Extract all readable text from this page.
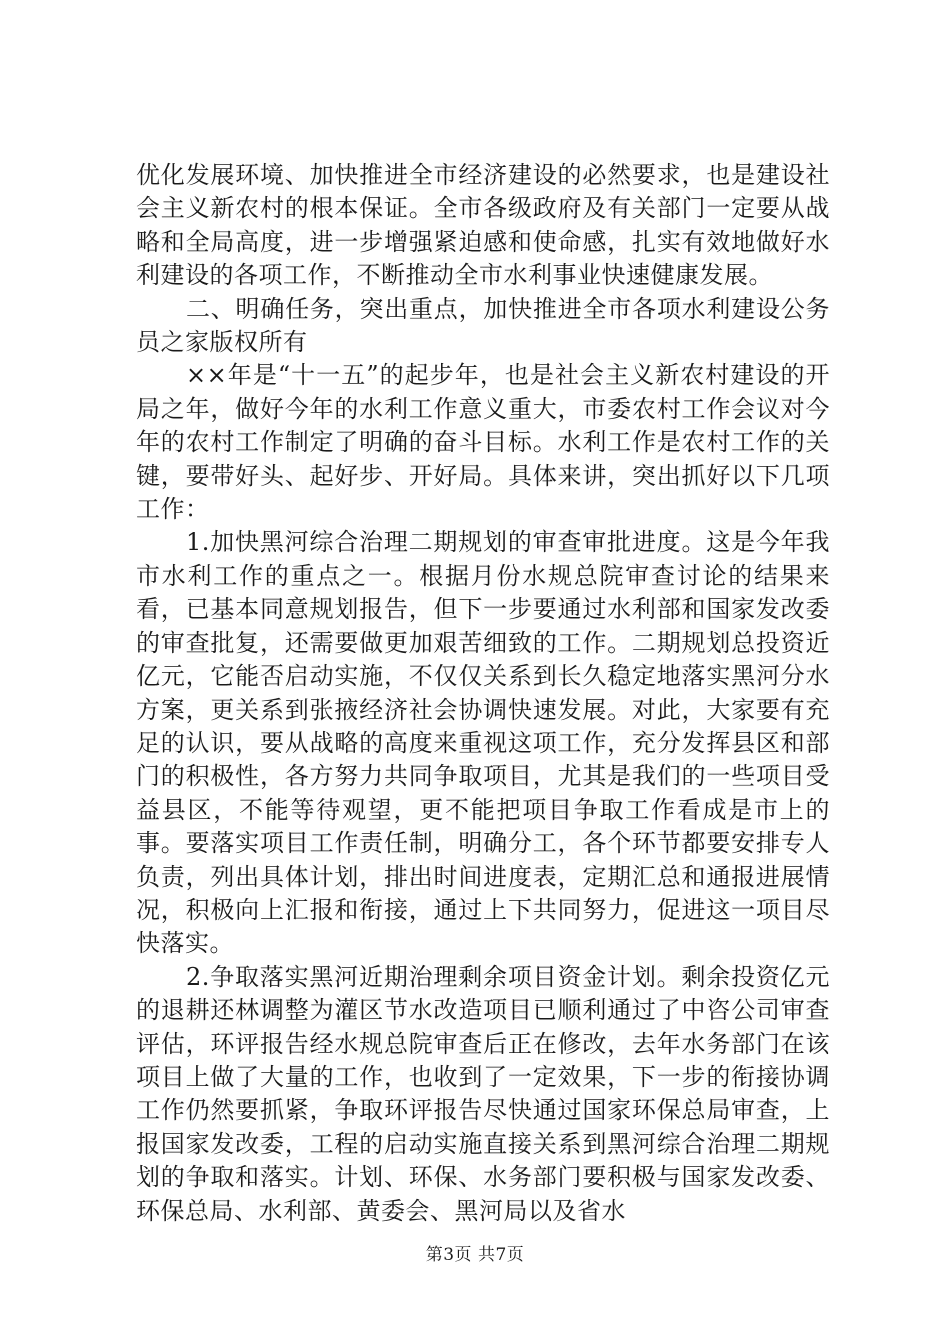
优化发展环境、加快推进全市经济建设的必然要求，也是建设社会主义新农村的根本保证。全市各级政府及有关部门一定要从战略和全局高度，进一步增强紧迫感和使命感，扎实有效地做好水利建设的各项工作，不断推动全市水利事业快速健康发展。

二、明确任务，突出重点，加快推进全市各项水利建设公务员之家版权所有

××年是“十一五”的起步年，也是社会主义新农村建设的开局之年，做好今年的水利工作意义重大，市委农村工作会议对今年的农村工作制定了明确的奋斗目标。水利工作是农村工作的关键，要带好头、起好步、开好局。具体来讲，突出抓好以下几项工作：

1.加快黑河综合治理二期规划的审查审批进度。这是今年我市水利工作的重点之一。根据月份水规总院审查讨论的结果来看，已基本同意规划报告，但下一步要通过水利部和国家发改委的审查批复，还需要做更加艰苦细致的工作。二期规划总投资近亿元，它能否启动实施，不仅仅关系到长久稳定地落实黑河分水方案，更关系到张掖经济社会协调快速发展。对此，大家要有充足的认识，要从战略的高度来重视这项工作，充分发挥县区和部门的积极性，各方努力共同争取项目，尤其是我们的一些项目受益县区，不能等待观望，更不能把项目争取工作看成是市上的事。要落实项目工作责任制，明确分工，各个环节都要安排专人负责，列出具体计划，排出时间进度表，定期汇总和通报进展情况，积极向上汇报和衔接，通过上下共同努力，促进这一项目尽快落实。

2.争取落实黑河近期治理剩余项目资金计划。剩余投资亿元的退耕还林调整为灌区节水改造项目已顺利通过了中咨公司审查评估，环评报告经水规总院审查后正在修改，去年水务部门在该项目上做了大量的工作，也收到了一定效果，下一步的衔接协调工作仍然要抓紧，争取环评报告尽快通过国家环保总局审查，上报国家发改委，工程的启动实施直接关系到黑河综合治理二期规划的争取和落实。计划、环保、水务部门要积极与国家发改委、环保总局、水利部、黄委会、黑河局以及省水

第3页 共7页
